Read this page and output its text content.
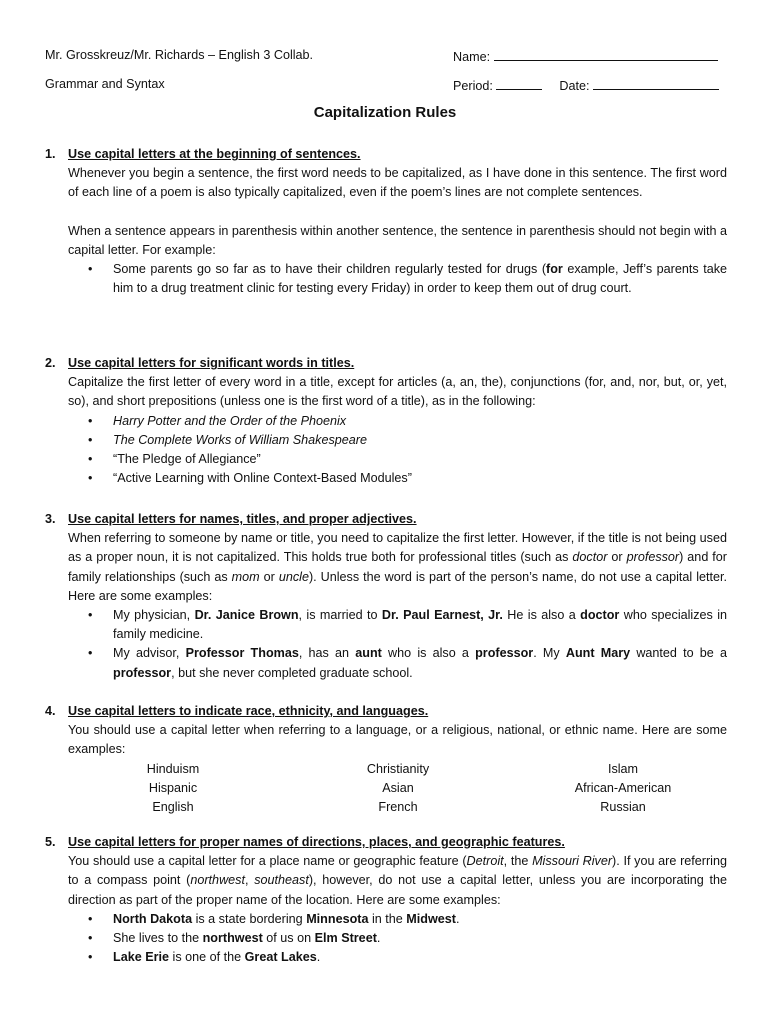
Mr. Grosskreuz/Mr. Richards – English 3 Collab.
Grammar and Syntax
Name:
Period:	Date:
Capitalization Rules
1. Use capital letters at the beginning of sentences.

Whenever you begin a sentence, the first word needs to be capitalized, as I have done in this sentence. The first word of each line of a poem is also typically capitalized, even if the poem’s lines are not complete sentences.

When a sentence appears in parenthesis within another sentence, the sentence in parenthesis should not begin with a capital letter. For example:

• Some parents go so far as to have their children regularly tested for drugs (for example, Jeff’s parents take him to a drug treatment clinic for testing every Friday) in order to keep them out of drug court.
2. Use capital letters for significant words in titles.

Capitalize the first letter of every word in a title, except for articles (a, an, the), conjunctions (for, and, nor, but, or, yet, so), and short prepositions (unless one is the first word of a title), as in the following:

• Harry Potter and the Order of the Phoenix
• The Complete Works of William Shakespeare
• “The Pledge of Allegiance”
• “Active Learning with Online Context-Based Modules”
3. Use capital letters for names, titles, and proper adjectives.

When referring to someone by name or title, you need to capitalize the first letter. However, if the title is not being used as a proper noun, it is not capitalized. This holds true both for professional titles (such as doctor or professor) and for family relationships (such as mom or uncle). Unless the word is part of the person’s name, do not use a capital letter. Here are some examples:

• My physician, Dr. Janice Brown, is married to Dr. Paul Earnest, Jr. He is also a doctor who specializes in family medicine.
• My advisor, Professor Thomas, has an aunt who is also a professor. My Aunt Mary wanted to be a professor, but she never completed graduate school.
4. Use capital letters to indicate race, ethnicity, and languages.

You should use a capital letter when referring to a language, or a religious, national, or ethnic name. Here are some examples:

Hinduism	Christianity	Islam
Hispanic	Asian	African-American
English	French	Russian
5. Use capital letters for proper names of directions, places, and geographic features.

You should use a capital letter for a place name or geographic feature (Detroit, the Missouri River). If you are referring to a compass point (northwest, southeast), however, do not use a capital letter, unless you are incorporating the direction as part of the proper name of the location. Here are some examples:

• North Dakota is a state bordering Minnesota in the Midwest.
• She lives to the northwest of us on Elm Street.
• Lake Erie is one of the Great Lakes.
